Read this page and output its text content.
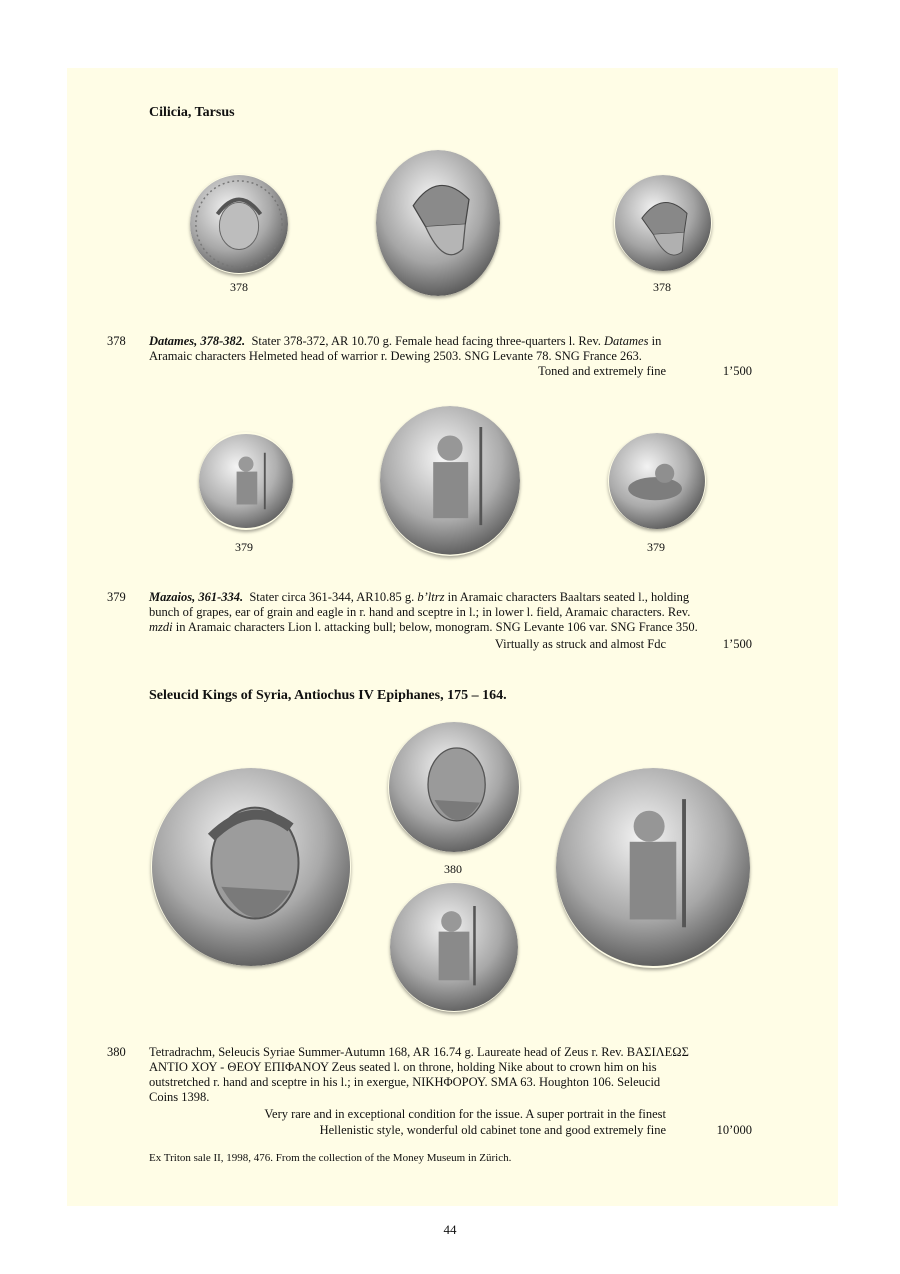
Cilicia, Tarsus
378	378
378 Datames, 378-382. Stater 378-372, AR 10.70 g. Female head facing three-quarters l. Rev. Datames in
Aramaic characters Helmeted head of warrior r. Dewing 2503. SNG Levante 78. SNG France 263.
Toned and extremely fine	1’500
379	379
379 Mazaios, 361-334. Stater circa 361-344, AR10.85 g. b’ltrz in Aramaic characters Baaltars seated l., holding
bunch of grapes, ear of grain and eagle in r. hand and sceptre in l.; in lower l. field, Aramaic characters. Rev.
mzdi in Aramaic characters Lion l. attacking bull; below, monogram. SNG Levante 106 var. SNG France 350.
Virtually as struck and almost Fdc	1’500
Seleucid Kings of Syria, Antiochus IV Epiphanes, 175 – 164.
380
380 Tetradrachm, Seleucis Syriae Summer-Autumn 168, AR 16.74 g. Laureate head of Zeus r. Rev. ΒΑΣΙΛΕΩΣ
ΑΝΤΙΟ ΧΟΥ - ΘΕΟΥ ΕΠΙΦΑΝΟΥ Zeus seated l. on throne, holding Nike about to crown him on his
outstretched r. hand and sceptre in his l.; in exergue, ΝΙΚΗΦΟΡΟΥ. SMA 63. Houghton 106. Seleucid
Coins 1398.
Very rare and in exceptional condition for the issue. A super portrait in the finest
Hellenistic style, wonderful old cabinet tone and good extremely fine	10’000
Ex Triton sale II, 1998, 476. From the collection of the Money Museum in Zürich.
44
